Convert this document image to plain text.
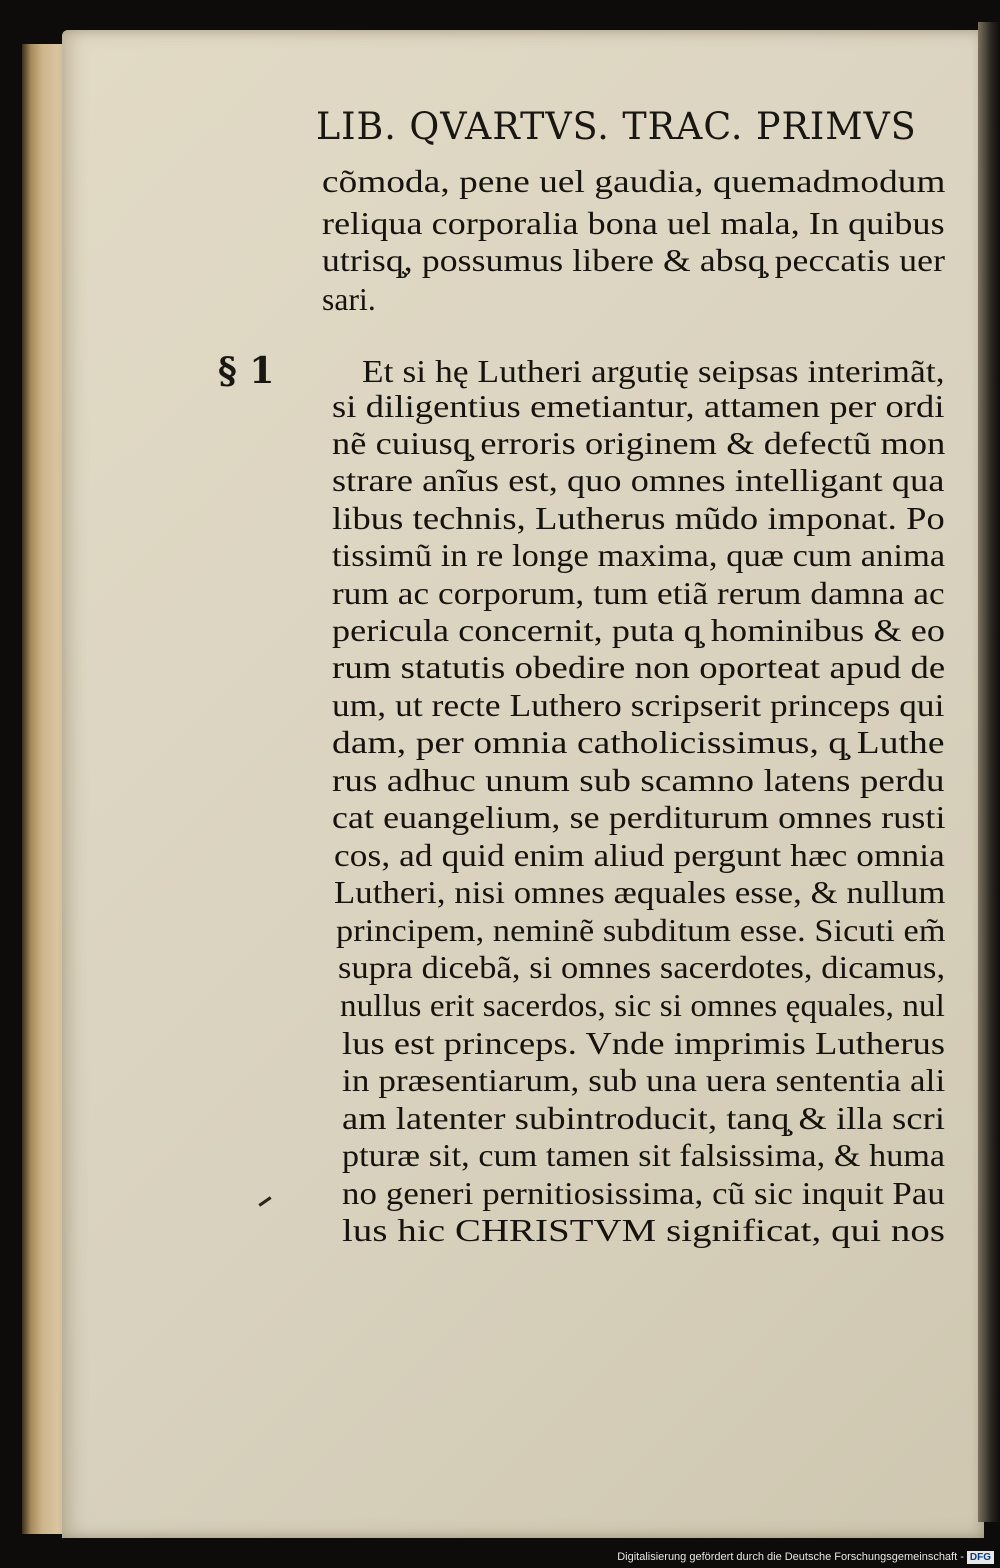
LIB. QVARTVS. TRAC. PRIMVS
§ 1
cõmoda, pene uel gaudia, quemadmodum
reliqua corporalia bona uel mala, In quibus
utrisq̧, possumus libere & absq̧ peccatis uer
sari.
Et si hę Lutheri argutię seipsas interimãt,
si diligentius emetiantur, attamen per ordi
nẽ cuiusq̧ erroris originem & defectũ mon
strare anĩus est, quo omnes intelligant qua
libus technis, Lutherus mũdo imponat. Po
tissimũ in re longe maxima, quæ cum anima
rum ac corporum, tum etiã rerum damna ac
pericula concernit, puta q̧ hominibus & eo
rum statutis obedire non oporteat apud de
um, ut recte Luthero scripserit princeps qui
dam, per omnia catholicissimus, q̧ Luthe
rus adhuc unum sub scamno latens perdu
cat euangelium, se perditurum omnes rusti
cos, ad quid enim aliud pergunt hæc omnia
Lutheri, nisi omnes æquales esse, & nullum
principem, neminẽ subditum esse. Sicuti em̃
supra dicebã, si omnes sacerdotes, dicamus,
nullus erit sacerdos, sic si omnes ęquales, nul
lus est princeps. Vnde imprimis Lutherus
in præsentiarum, sub una uera sententia ali
am latenter subintroducit, tanq̧ & illa scri
pturæ sit, cum tamen sit falsissima, & huma
no generi pernitiosissima, cũ sic inquit Pau
lus hic CHRISTVM significat, qui nos
Digitalisierung gefördert durch die Deutsche Forschungsgemeinschaft - DFG
